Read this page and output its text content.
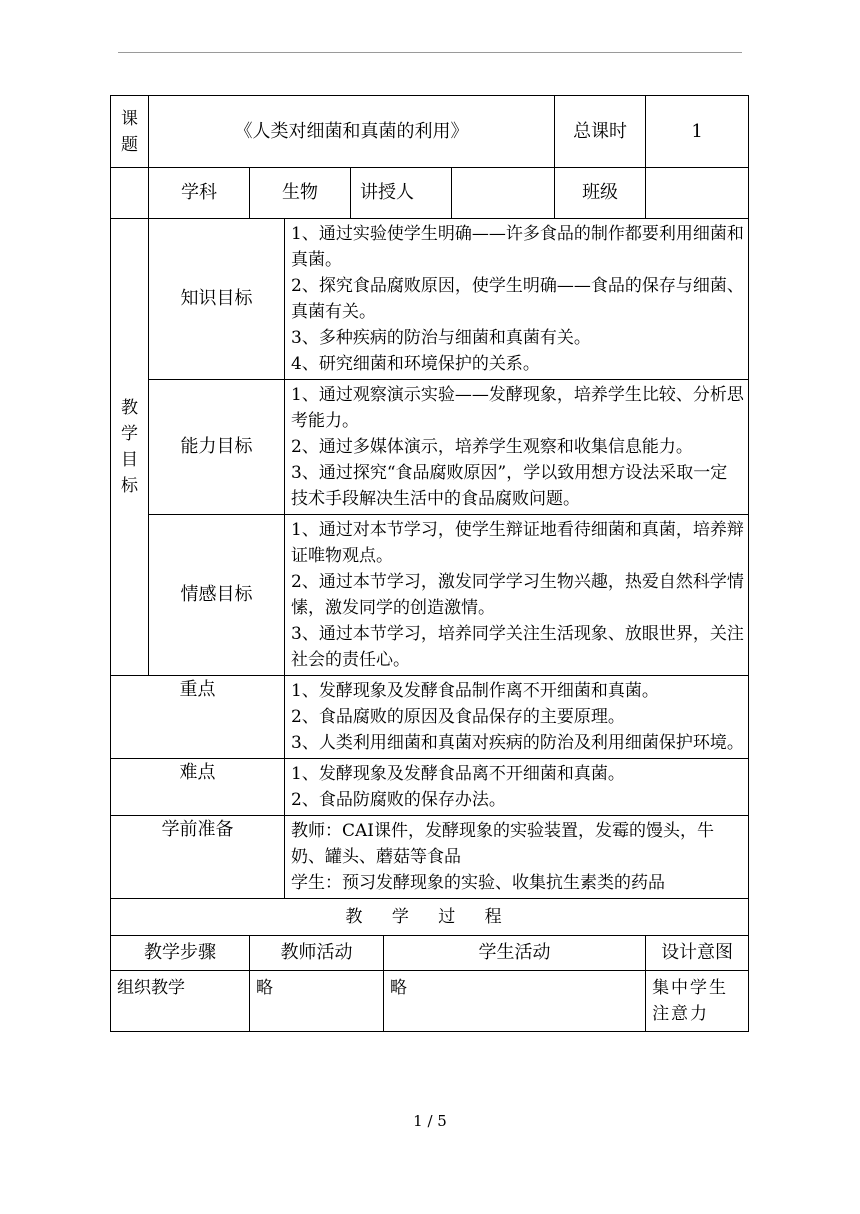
课题	《人类对细菌和真菌的利用》						总课时	1
	学科	生物		讲授人			班级	

教学目标	知识目标		1、通过实验使学生明确——许多食品的制作都要利用细菌和真菌。
2、探究食品腐败原因，使学生明确——食品的保存与细菌、真菌有关。
3、多种疾病的防治与细菌和真菌有关。
4、研究细菌和环境保护的关系。					

	能力目标		1、通过观察演示实验——发酵现象，培养学生比较、分析思考能力。
2、通过多媒体演示，培养学生观察和收集信息能力。
3、通过探究“食品腐败原因”，学以致用想方设法采取一定技术手段解决生活中的食品腐败问题。					

	情感目标		1、通过对本节学习，使学生辩证地看待细菌和真菌，培养辩证唯物观点。
2、通过本节学习，激发同学学习生物兴趣，热爱自然科学情愫，激发同学的创造激情。
3、通过本节学习，培养同学关注生活现象、放眼世界，关注社会的责任心。					

重点			1、发酵现象及发酵食品制作离不开细菌和真菌。
2、食品腐败的原因及食品保存的主要原理。
3、人类利用细菌和真菌对疾病的防治及利用细菌保护环境。					

难点			1、发酵现象及发酵食品离不开细菌和真菌。
2、食品防腐败的保存办法。					

学前准备			教师：CAI课件，发酵现象的实验装置，发霉的馒头，牛奶、罐头、蘑菇等食品
学生：预习发酵现象的实验、收集抗生素类的药品					

教 学 过 程								
教学步骤		教师活动			学生活动			设计意图
组织教学		略			略			集中学生注意力
1 / 5
